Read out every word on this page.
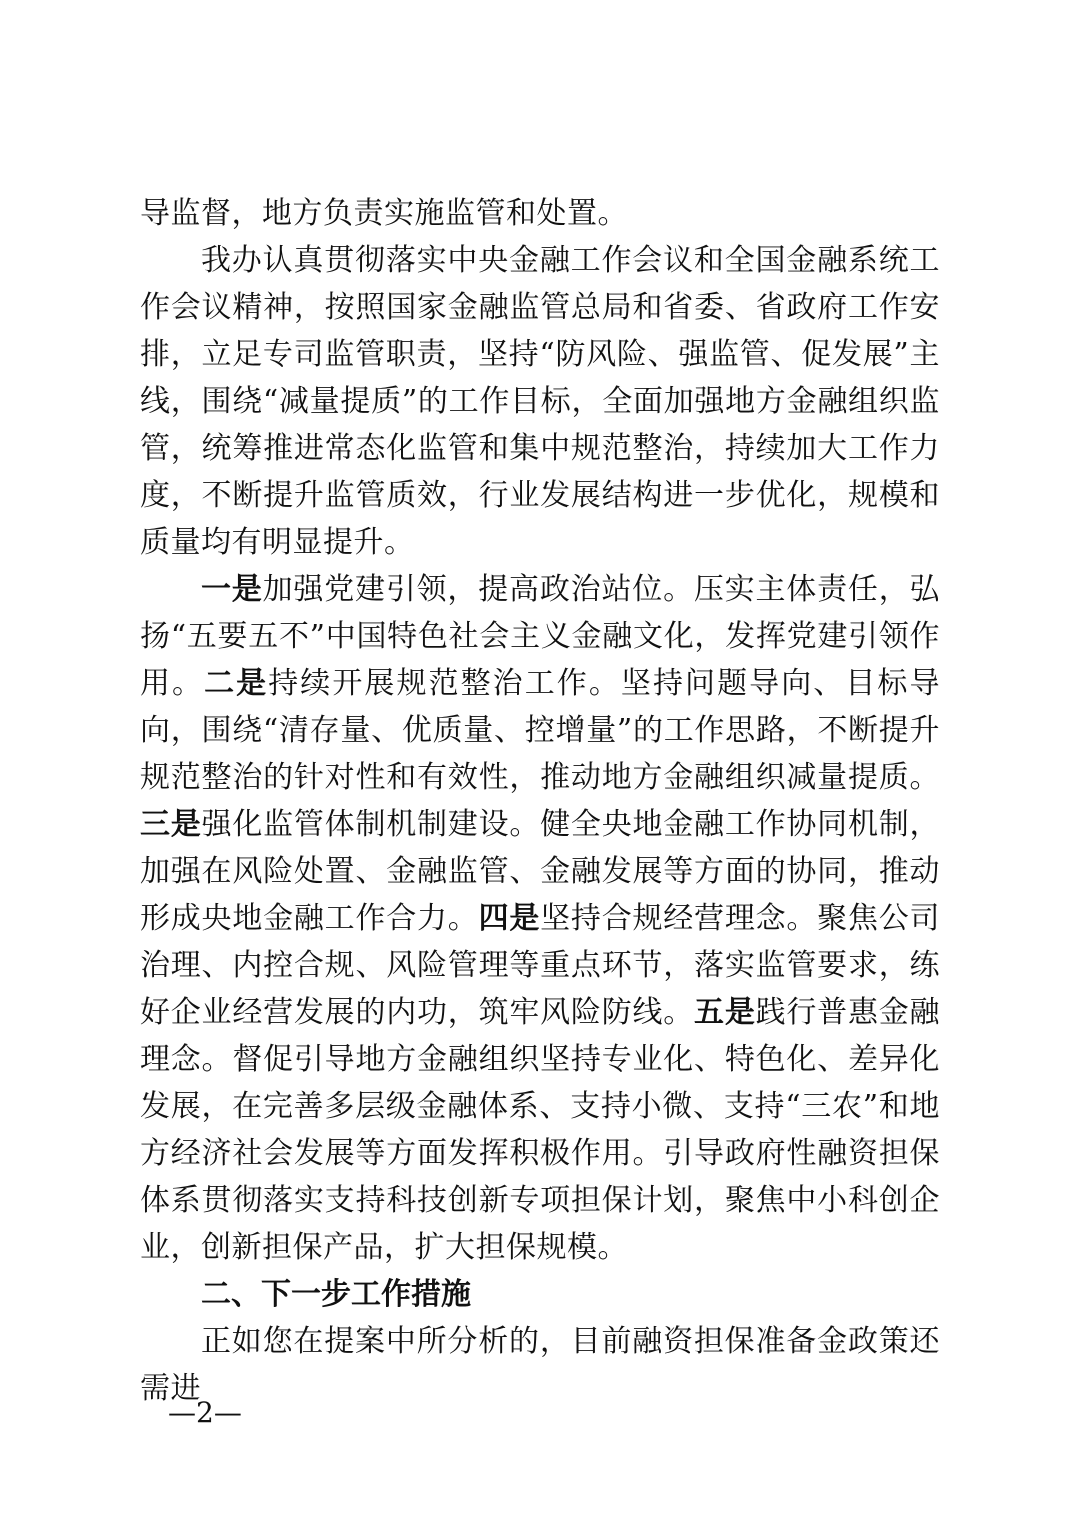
导监督，地方负责实施监管和处置。

我办认真贯彻落实中央金融工作会议和全国金融系统工作会议精神，按照国家金融监管总局和省委、省政府工作安排，立足专司监管职责，坚持“防风险、强监管、促发展”主线，围绕“减量提质”的工作目标，全面加强地方金融组织监管，统筹推进常态化监管和集中规范整治，持续加大工作力度，不断提升监管质效，行业发展结构进一步优化，规模和质量均有明显提升。

一是加强党建引领，提高政治站位。压实主体责任，弘扬“五要五不”中国特色社会主义金融文化，发挥党建引领作用。二是持续开展规范整治工作。坚持问题导向、目标导向，围绕“清存量、优质量、控增量”的工作思路，不断提升规范整治的针对性和有效性，推动地方金融组织减量提质。三是强化监管体制机制建设。健全央地金融工作协同机制，加强在风险处置、金融监管、金融发展等方面的协同，推动形成央地金融工作合力。四是坚持合规经营理念。聚焦公司治理、内控合规、风险管理等重点环节，落实监管要求，练好企业经营发展的内功，筑牢风险防线。五是践行普惠金融理念。督促引导地方金融组织坚持专业化、特色化、差异化发展，在完善多层级金融体系、支持小微、支持“三农”和地方经济社会发展等方面发挥积极作用。引导政府性融资担保体系贯彻落实支持科技创新专项担保计划，聚焦中小科创企业，创新担保产品，扩大担保规模。

二、下一步工作措施

正如您在提案中所分析的，目前融资担保准备金政策还需进

—2—
